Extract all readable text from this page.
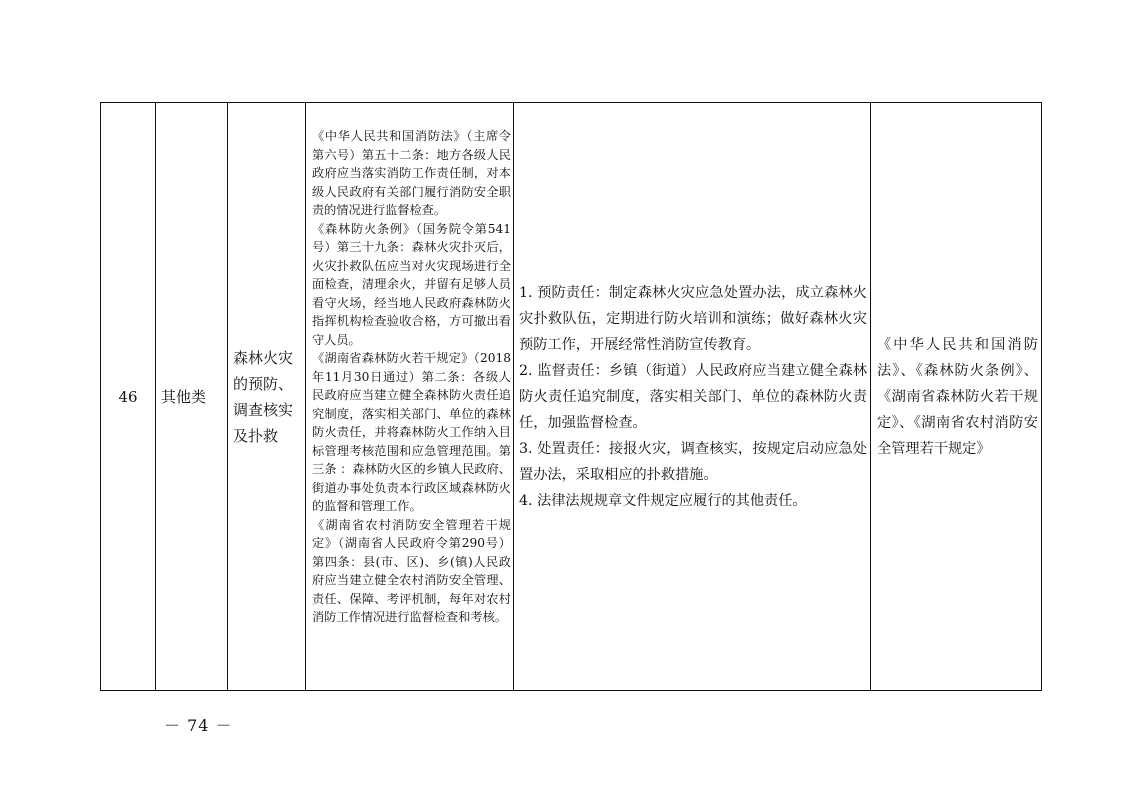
46 其他类
森林火灾的预防、调查核实及扑救
《中华人民共和国消防法》（主席令第六号）第五十二条：地方各级人民政府应当落实消防工作责任制，对本级人民政府有关部门履行消防安全职责的情况进行监督检查。
《森林防火条例》（国务院令第541号）第三十九条：森林火灾扑灭后，火灾扑救队伍应当对火灾现场进行全面检查，清理余火，并留有足够人员看守火场，经当地人民政府森林防火指挥机构检查验收合格，方可撤出看守人员。
《湖南省森林防火若干规定》（2018年11月30日通过）第二条：各级人民政府应当建立健全森林防火责任追究制度，落实相关部门、单位的森林防火责任，并将森林防火工作纳入目标管理考核范围和应急管理范围。第三条 ：森林防火区的乡镇人民政府、街道办事处负责本行政区域森林防火的监督和管理工作。
《湖南省农村消防安全管理若干规定》（湖南省人民政府令第290号）第四条：县(市、区)、乡(镇)人民政府应当建立健全农村消防安全管理、责任、保障、考评机制，每年对农村消防工作情况进行监督检查和考核。
1. 预防责任：制定森林火灾应急处置办法，成立森林火灾扑救队伍，定期进行防火培训和演练；做好森林火灾预防工作，开展经常性消防宣传教育。
2. 监督责任：乡镇（街道）人民政府应当建立健全森林防火责任追究制度，落实相关部门、单位的森林防火责任，加强监督检查。
3. 处置责任：接报火灾，调查核实，按规定启动应急处置办法，采取相应的扑救措施。
4. 法律法规规章文件规定应履行的其他责任。
《中华人民共和国消防法》、《森林防火条例》、《湖南省森林防火若干规定》、《湖南省农村消防安全管理若干规定》
－ 74 －
